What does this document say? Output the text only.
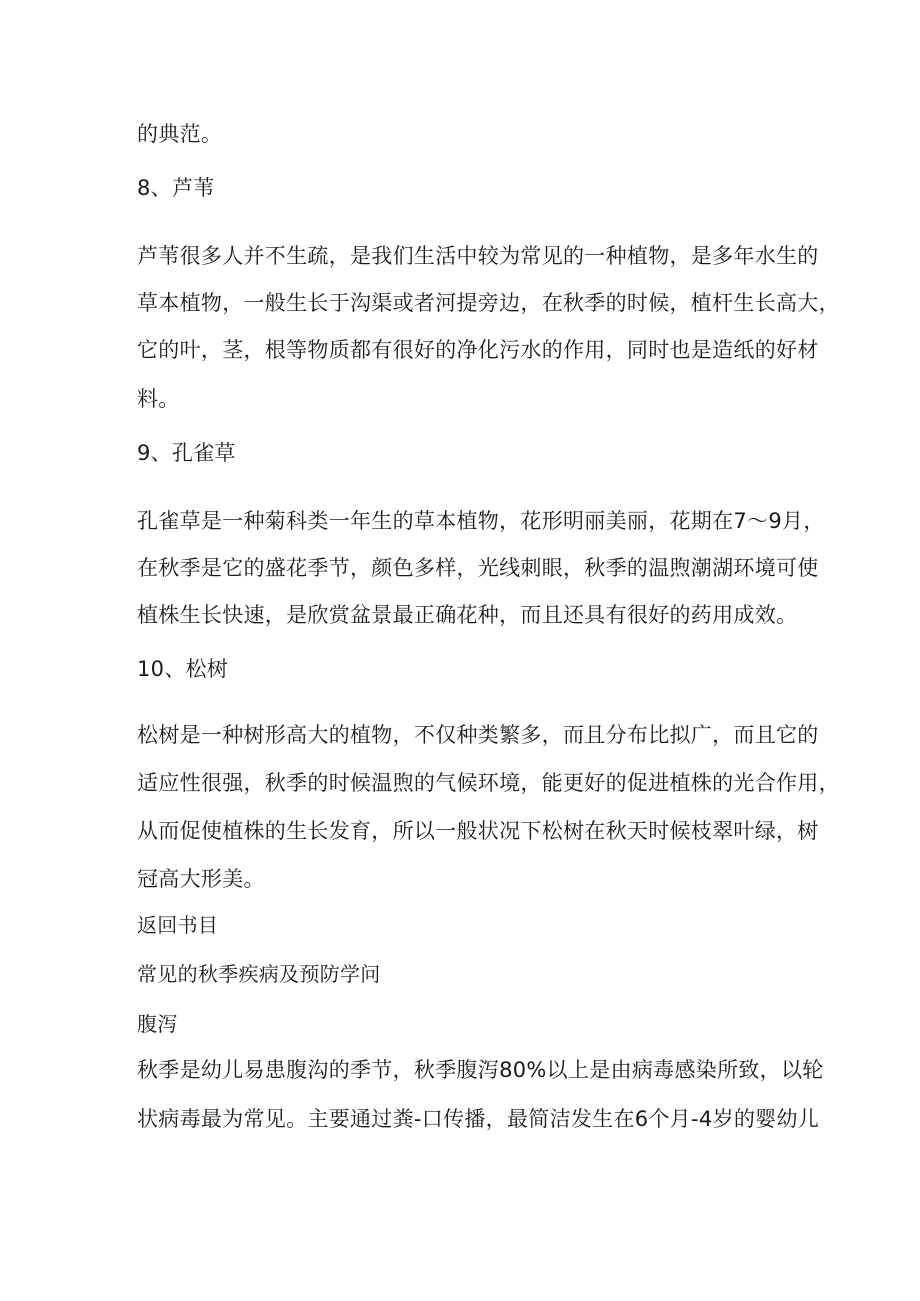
的典范。
8、芦苇
芦苇很多人并不生疏，是我们生活中较为常见的一种植物，是多年水生的
草本植物，一般生长于沟渠或者河提旁边，在秋季的时候，植杆生长高大，
它的叶，茎，根等物质都有很好的净化污水的作用，同时也是造纸的好材
料。
9、孔雀草
孔雀草是一种菊科类一年生的草本植物，花形明丽美丽，花期在7～9月，
在秋季是它的盛花季节，颜色多样，光线刺眼，秋季的温煦潮湖环境可使
植株生长快速，是欣赏盆景最正确花种，而且还具有很好的药用成效。
10、松树
松树是一种树形高大的植物，不仅种类繁多，而且分布比拟广，而且它的
适应性很强，秋季的时候温煦的气候环境，能更好的促进植株的光合作用，
从而促使植株的生长发育，所以一般状况下松树在秋天时候枝翠叶绿，树
冠高大形美。
返回书目
常见的秋季疾病及预防学问
腹泻
秋季是幼儿易患腹沟的季节，秋季腹泻80%以上是由病毒感染所致，以轮
状病毒最为常见。主要通过粪-口传播，最简洁发生在6个月-4岁的婴幼儿
